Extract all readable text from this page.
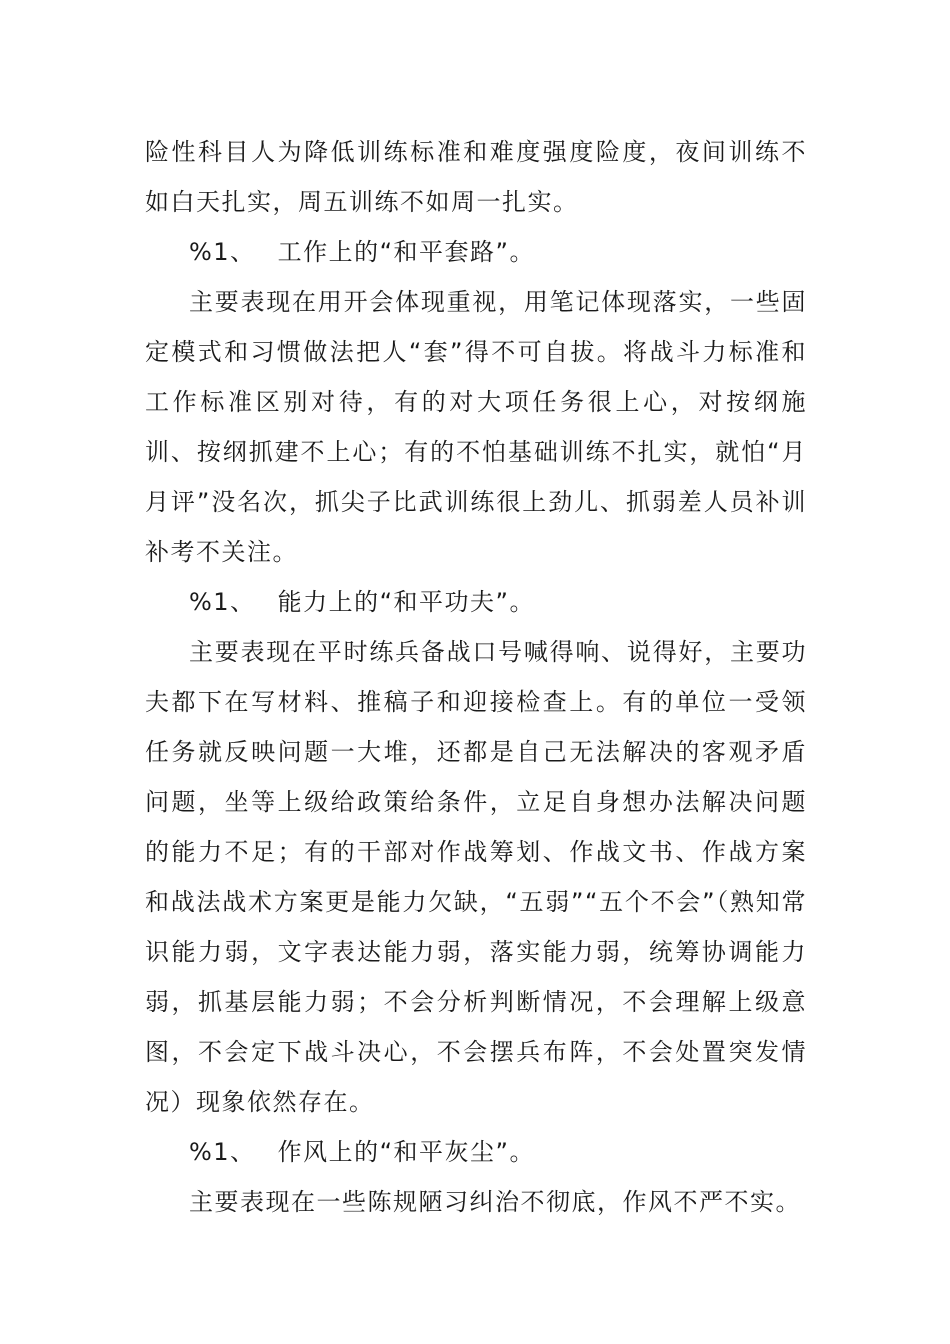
险性科目人为降低训练标准和难度强度险度，夜间训练不如白天扎实，周五训练不如周一扎实。

%1、 工作上的“和平套路”。

主要表现在用开会体现重视，用笔记体现落实，一些固定模式和习惯做法把人“套”得不可自拔。将战斗力标准和工作标准区别对待，有的对大项任务很上心，对按纲施训、按纲抓建不上心；有的不怕基础训练不扎实，就怕“月月评”没名次，抓尖子比武训练很上劲儿、抓弱差人员补训补考不关注。

%1、 能力上的“和平功夫”。

主要表现在平时练兵备战口号喊得响、说得好，主要功夫都下在写材料、推稿子和迎接检查上。有的单位一受领任务就反映问题一大堆，还都是自己无法解决的客观矛盾问题，坐等上级给政策给条件，立足自身想办法解决问题的能力不足；有的干部对作战筹划、作战文书、作战方案和战法战术方案更是能力欠缺，“五弱”“五个不会”（熟知常识能力弱，文字表达能力弱，落实能力弱，统筹协调能力弱，抓基层能力弱；不会分析判断情况，不会理解上级意图，不会定下战斗决心，不会摆兵布阵，不会处置突发情况）现象依然存在。

%1、 作风上的“和平灰尘”。

主要表现在一些陈规陋习纠治不彻底，作风不严不实。
